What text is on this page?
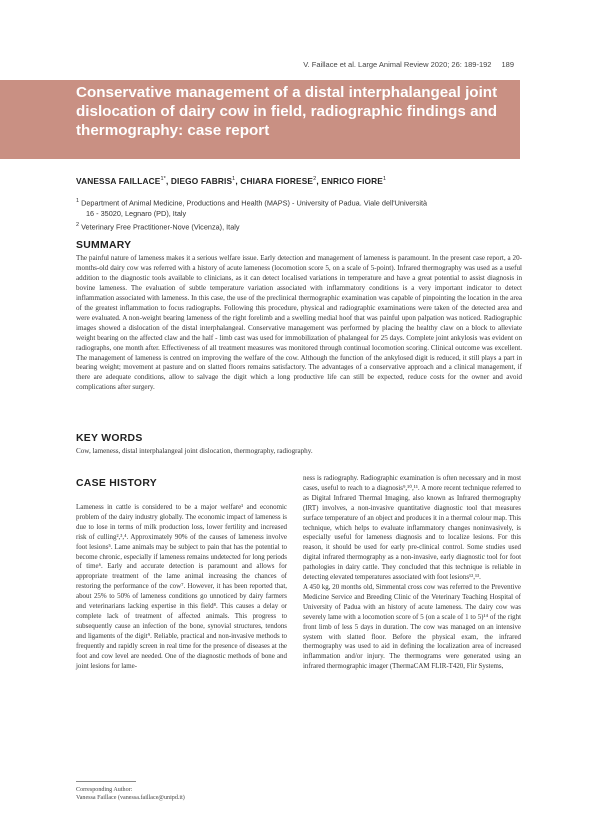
V. Faillace et al. Large Animal Review 2020; 26: 189-192 189
Conservative management of a distal interphalangeal joint dislocation of dairy cow in field, radiographic findings and thermography: case report
VANESSA $FAILLACE^{1*}$, DIEGO FABRIS$^1$, CHIARA FIORESE$^2$, ENRICO FIORE$^1$

$^1$ Department of Animal Medicine, Productions and Health (MAPS) - University of Padua. Viale dell'Università

16 - 35020, Legnaro (PD), Italy

$^2$ Veterinary Free Practitioner-Nove (Vicenza), Italy

SUMMARY

The painful nature of lameness makes it a serious welfare issue. Early detection and management of lameness is paramount. In the present case report, a 20-months-old dairy cow was referred with a history of acute lameness (locomotion score 5, on a scale of 5-point). Infrared thermography was used as a useful addition to the diagnostic tools available to clinicians, as it can detect localised variations in temperature and have a great potential to assist diagnosis in bovine lameness. The evaluation of subtle temperature variation associated with inflammatory conditions is a very important indicator to detect inflammation associated with lameness. In this case, the use of the preclinical thermographic examination was capable of pinpointing the location in the area of the greatest inflammation to focus radiographs. Following this procedure, physical and radiographic examinations were taken of the detected area and were evaluated. A non-weight bearing lameness of the right forelimb and a swelling medial hoof that was painful upon palpation was noticed. Radiographic images showed a dislocation of the distal interphalangeal. Conservative management was performed by placing the healthy claw on a block to alleviate weight bearing on the affected claw and the half - limb cast was used for immobilization of phalangeal for 25 days. Complete joint ankylosis was evident on radiographs, one month after. Effectiveness of all treatment measures was monitored through continual locomotion scoring. Clinical outcome was excellent. The management of lameness is centred on improving the welfare of the cow. Although the function of the ankylosed digit is reduced, it still plays a part in bearing weight; movement at pasture and on slatted floors remains satisfactory. The advantages of a conservative approach and a clinical management, if there are adequate conditions, allow to salvage the digit which a long productive life can still be expected, reduce costs for the owner and avoid complications after surgery.

KEY WORDS

Cow, lameness, distal interphalangeal joint dislocation, thermography, radiography.

CASE HISTORY

Lameness in cattle is considered to be a major welfare¹ and economic problem of the dairy industry globally. The economic impact of lameness is due to lose in terms of milk production loss, lower fertility and increased risk of culling²,³,⁴. Approximately 90% of the causes of lameness involve foot lesions⁵. Lame animals may be subject to pain that has the potential to become chronic, especially if lameness remains undetected for long periods of time⁶. Early and accurate detection is paramount and allows for appropriate treatment of the lame animal increasing the chances of restoring the performance of the cow⁷. However, it has been reported that, about 25% to 50% of lameness conditions go unnoticed by dairy farmers and veterinarians lacking expertise in this field⁸. This causes a delay or complete lack of treatment of affected animals. This progress to subsequently cause an infection of the bone, synovial structures, tendons and ligaments of the digit⁹. Reliable, practical and non-invasive methods to frequently and rapidly screen in real time for the presence of diseases at the foot and cow level are needed. One of the diagnostic methods of bone and joint lesions for lame-

ness is radiography. Radiographic examination is often necessary and in most cases, useful to reach to a diagnosis⁹,¹⁰,¹¹. A more recent technique referred to as Digital Infrared Thermal Imaging, also known as Infrared thermography (IRT) involves, a non-invasive quantitative diagnostic tool that measures surface temperature of an object and produces it in a thermal colour map. This technique, which helps to evaluate inflammatory changes noninvasively, is especially useful for lameness diagnosis and to localize lesions. For this reason, it should be used for early pre-clinical control. Some studies used digital infrared thermography as a non-invasive, early diagnostic tool for foot pathologies in dairy cattle. They concluded that this technique is reliable in detecting elevated temperatures associated with foot lesions¹²,¹³.

A 450 kg, 20 months old, Simmental cross cow was referred to the Preventive Medicine Service and Breeding Clinic of the Veterinary Teaching Hospital of University of Padua with an history of acute lameness. The dairy cow was severely lame with a locomotion score of 5 (on a scale of 1 to 5)¹⁴ of the right front limb of less 5 days in duration. The cow was managed on an intensive system with slatted floor. Before the physical exam, the infrared thermography was used to aid in defining the localization area of increased inflammation and/or injury. The thermograms were generated using an infrared thermographic imager (ThermaCAM FLIR-T420, Flir Systems,

Corresponding Author:
Vanessa Faillace (vanessa.faillace@unipd.it)
